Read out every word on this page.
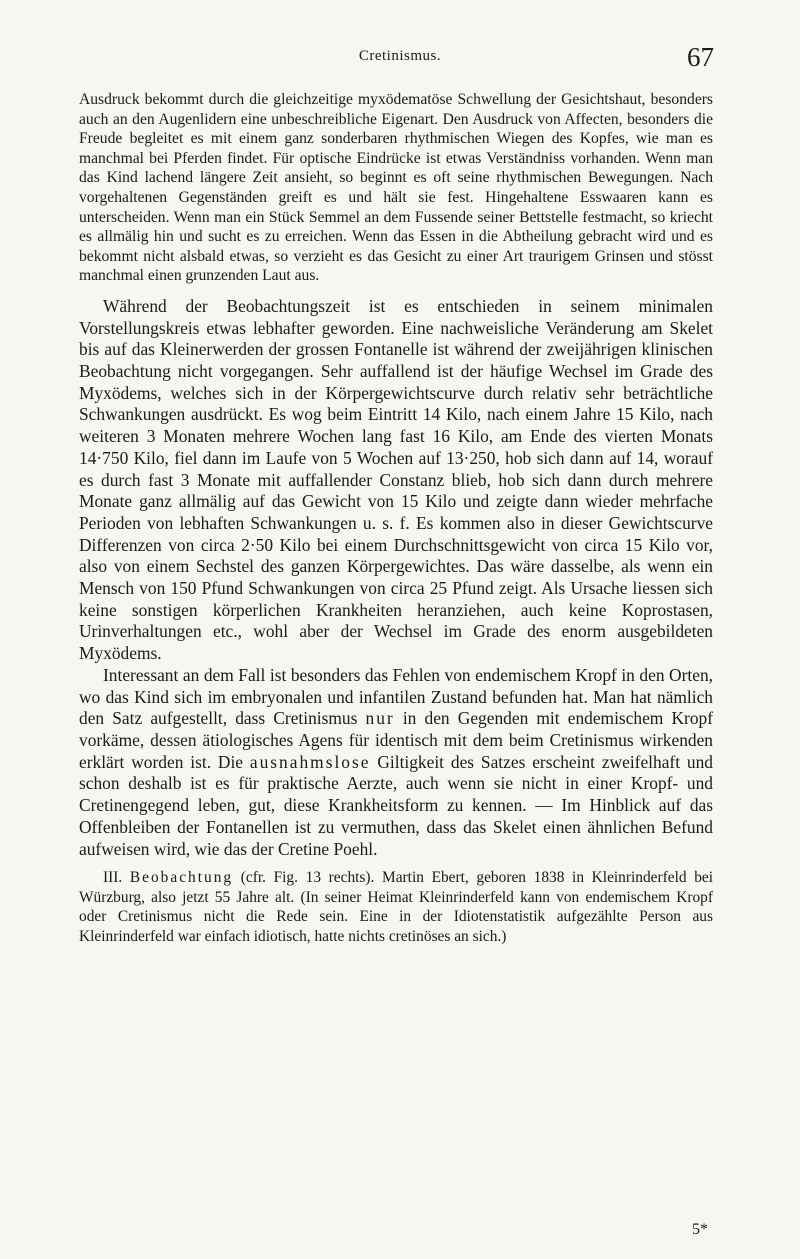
Cretinismus.	67

Ausdruck bekommt durch die gleichzeitige myxödematöse Schwellung der Gesichtshaut, besonders auch an den Augenlidern eine unbeschreibliche Eigenart. Den Ausdruck von Affecten, besonders die Freude begleitet es mit einem ganz sonderbaren rhythmischen Wiegen des Kopfes, wie man es manchmal bei Pferden findet. Für optische Eindrücke ist etwas Verständniss vorhanden. Wenn man das Kind lachend längere Zeit ansieht, so beginnt es oft seine rhythmischen Bewegungen. Nach vorgehaltenen Gegenständen greift es und hält sie fest. Hingehaltene Esswaaren kann es unterscheiden. Wenn man ein Stück Semmel an dem Fussende seiner Bettstelle festmacht, so kriecht es allmälig hin und sucht es zu erreichen. Wenn das Essen in die Abtheilung gebracht wird und es bekommt nicht alsbald etwas, so verzieht es das Gesicht zu einer Art traurigem Grinsen und stösst manchmal einen grunzenden Laut aus.

Während der Beobachtungszeit ist es entschieden in seinem minimalen Vorstellungskreis etwas lebhafter geworden. Eine nachweisliche Veränderung am Skelet bis auf das Kleinerwerden der grossen Fontanelle ist während der zweijährigen klinischen Beobachtung nicht vorgegangen. Sehr auffallend ist der häufige Wechsel im Grade des Myxödems, welches sich in der Körpergewichtscurve durch relativ sehr beträchtliche Schwankungen ausdrückt. Es wog beim Eintritt 14 Kilo, nach einem Jahre 15 Kilo, nach weiteren 3 Monaten mehrere Wochen lang fast 16 Kilo, am Ende des vierten Monats 14·750 Kilo, fiel dann im Laufe von 5 Wochen auf 13·250, hob sich dann auf 14, worauf es durch fast 3 Monate mit auffallender Constanz blieb, hob sich dann durch mehrere Monate ganz allmälig auf das Gewicht von 15 Kilo und zeigte dann wieder mehrfache Perioden von lebhaften Schwankungen u. s. f. Es kommen also in dieser Gewichtscurve Differenzen von circa 2·50 Kilo bei einem Durchschnittsgewicht von circa 15 Kilo vor, also von einem Sechstel des ganzen Körpergewichtes. Das wäre dasselbe, als wenn ein Mensch von 150 Pfund Schwankungen von circa 25 Pfund zeigt. Als Ursache liessen sich keine sonstigen körperlichen Krankheiten heranziehen, auch keine Koprostasen, Urinverhaltungen etc., wohl aber der Wechsel im Grade des enorm ausgebildeten Myxödems.

Interessant an dem Fall ist besonders das Fehlen von endemischem Kropf in den Orten, wo das Kind sich im embryonalen und infantilen Zustand befunden hat. Man hat nämlich den Satz aufgestellt, dass Cretinismus nur in den Gegenden mit endemischem Kropf vorkäme, dessen ätiologisches Agens für identisch mit dem beim Cretinismus wirkenden erklärt worden ist. Die ausnahmslose Giltigkeit des Satzes erscheint zweifelhaft und schon deshalb ist es für praktische Aerzte, auch wenn sie nicht in einer Kropf- und Cretinengegend leben, gut, diese Krankheitsform zu kennen. — Im Hinblick auf das Offenbleiben der Fontanellen ist zu vermuthen, dass das Skelet einen ähnlichen Befund aufweisen wird, wie das der Cretine Poehl.

III. Beobachtung (cfr. Fig. 13 rechts). Martin Ebert, geboren 1838 in Kleinrinderfeld bei Würzburg, also jetzt 55 Jahre alt. (In seiner Heimat Kleinrinderfeld kann von endemischem Kropf oder Cretinismus nicht die Rede sein. Eine in der Idiotenstatistik aufgezählte Person aus Kleinrinderfeld war einfach idiotisch, hatte nichts cretinöses an sich.)

5*
